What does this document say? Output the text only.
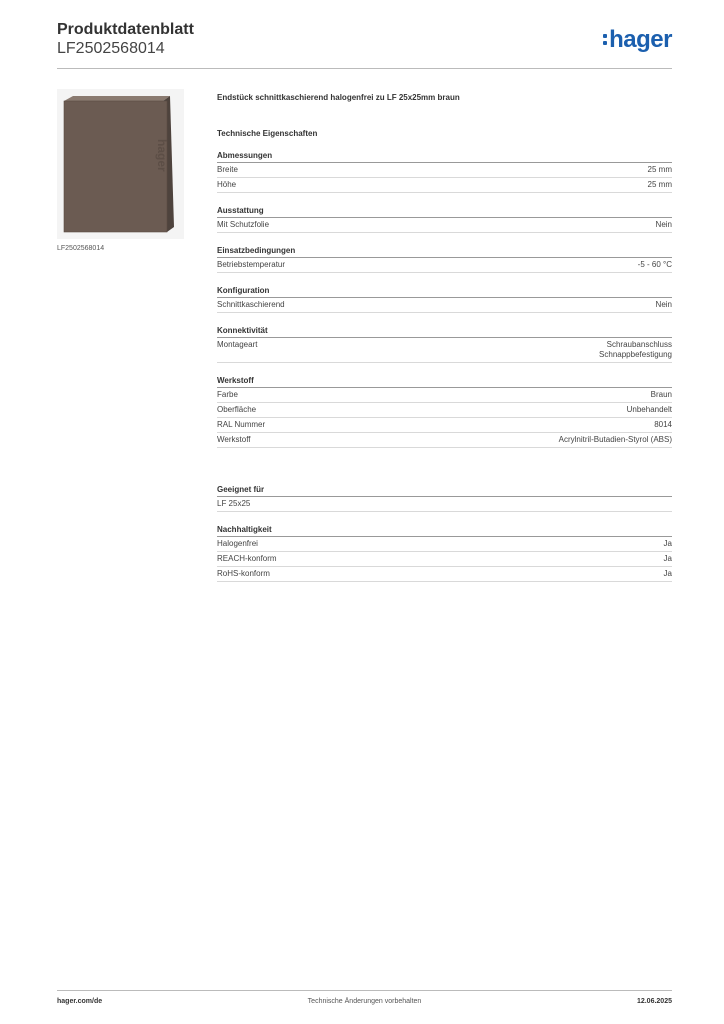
Produktdatenblatt
LF2502568014	hager
hager
LF2502568014
Endstück schnittkaschierend halogenfrei zu LF 25x25mm braun
Technische Eigenschaften
Abmessungen
Breite	25 mm
Höhe	25 mm
Ausstattung
Mit Schutzfolie	Nein
Einsatzbedingungen
Betriebstemperatur	-5 - 60 °C
Konfiguration
Schnittkaschierend	Nein
Konnektivität
Montageart	Schraubanschluss
Schnappbefestigung
Werkstoff
Farbe	Braun
Oberfläche	Unbehandelt
RAL Nummer	8014
Werkstoff	Acrylnitril-Butadien-Styrol (ABS)
Geeignet für
LF 25x25
Nachhaltigkeit
Halogenfrei	Ja
REACH-konform	Ja
RoHS-konform	Ja
hager.com/de	Technische Änderungen vorbehalten	12.06.2025
